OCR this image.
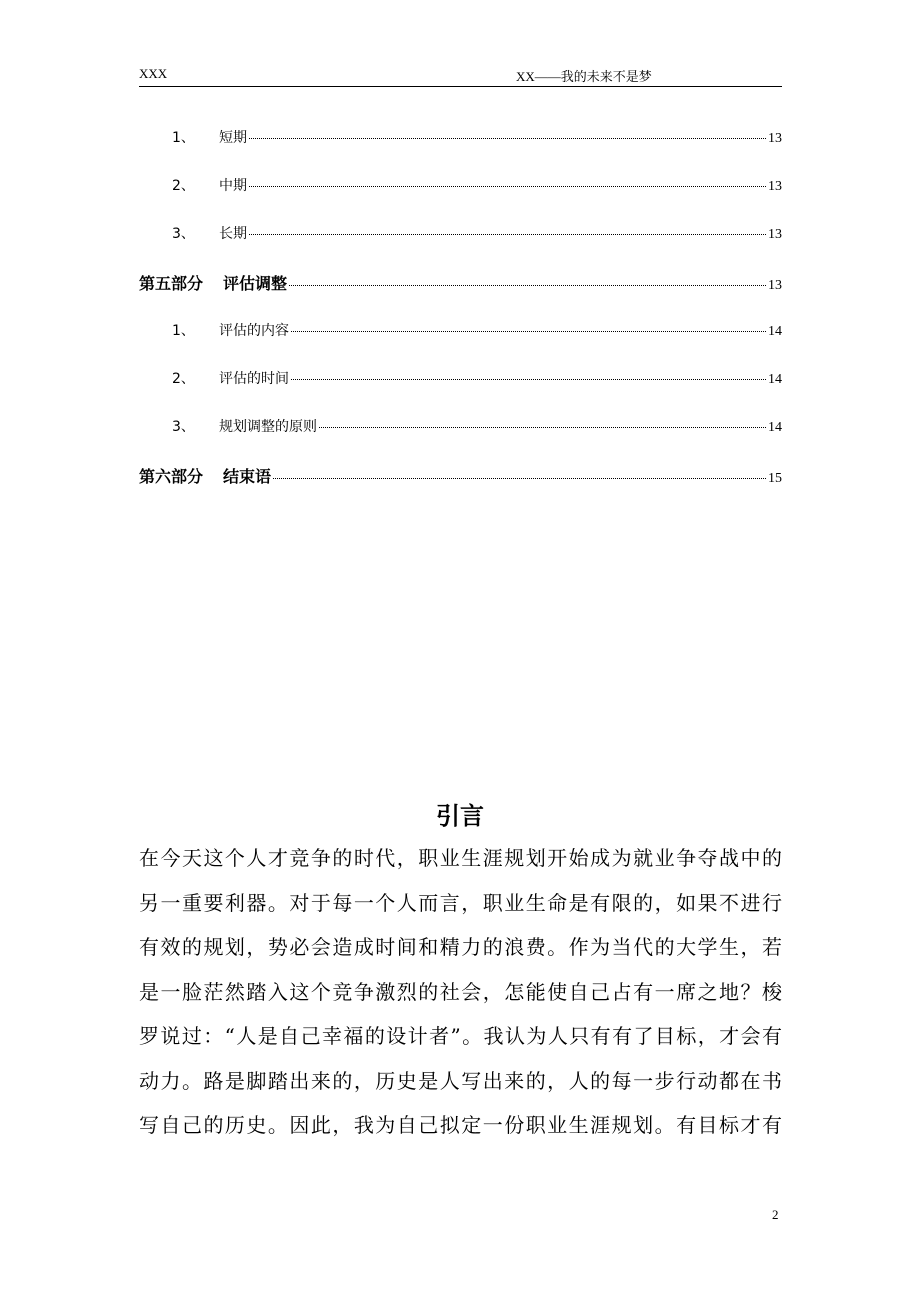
XXX	XX——我的未来不是梦
1、	短期	13
2、	中期	13
3、	长期	13
第五部分	评估调整	13
1、	评估的内容	14
2、	评估的时间	14
3、	规划调整的原则	14
第六部分	结束语	15
引言
在今天这个人才竞争的时代，职业生涯规划开始成为就业争夺战中的
另一重要利器。对于每一个人而言，职业生命是有限的，如果不进行
有效的规划，势必会造成时间和精力的浪费。作为当代的大学生，若
是一脸茫然踏入这个竞争激烈的社会，怎能使自己占有一席之地？梭
罗说过：“人是自己幸福的设计者”。我认为人只有有了目标，才会有
动力。路是脚踏出来的，历史是人写出来的，人的每一步行动都在书
写自己的历史。因此，我为自己拟定一份职业生涯规划。有目标才有
2
